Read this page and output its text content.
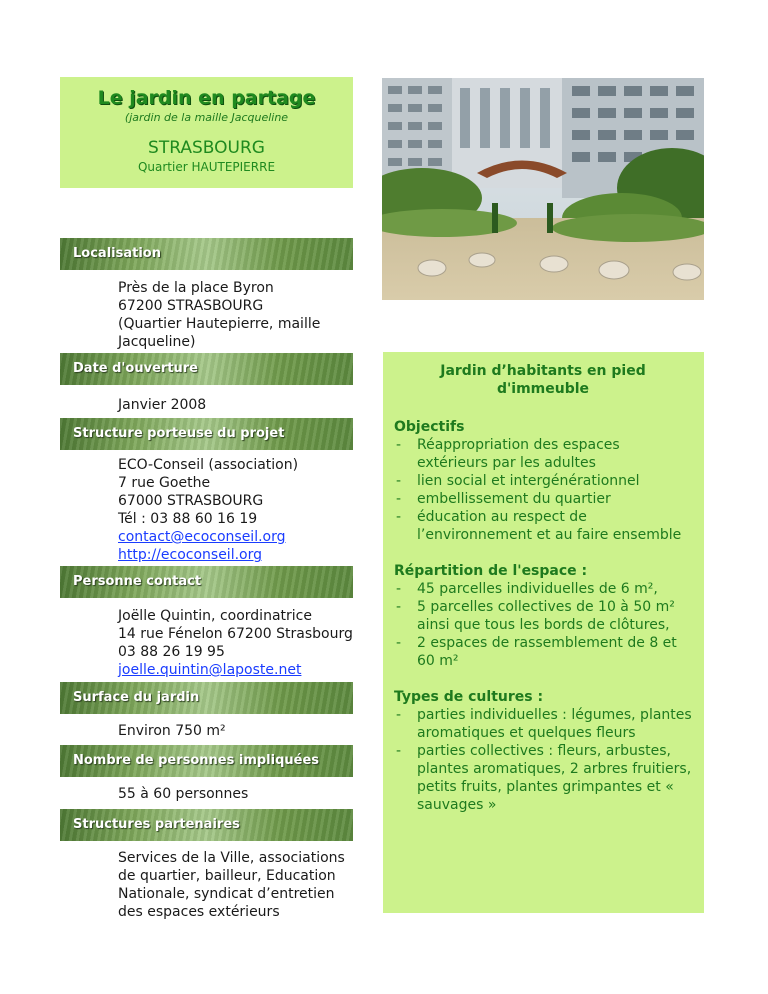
Le jardin en partage
(jardin de la maille Jacqueline
STRASBOURG
Quartier HAUTEPIERRE
Localisation
Près de la place Byron
67200 STRASBOURG
(Quartier Hautepierre, maille
Jacqueline)
Date d'ouverture
Janvier 2008
Structure porteuse du projet
ECO-Conseil (association)
7 rue Goethe
67000 STRASBOURG
Tél : 03 88 60 16 19
contact@ecoconseil.org
http://ecoconseil.org
Personne contact
Joëlle Quintin, coordinatrice
14 rue Fénelon 67200 Strasbourg
03 88 26 19 95
joelle.quintin@laposte.net
Surface du jardin
Environ 750 m²
Nombre de personnes impliquées
55 à 60 personnes
Structures partenaires
Services de la Ville, associations de quartier, bailleur, Education Nationale, syndicat d’entretien des espaces extérieurs
Jardin d’habitants en pied d'immeuble
Objectifs
- Réappropriation des espaces extérieurs par les adultes
- lien social et intergénérationnel
- embellissement du quartier
- éducation au respect de l’environnement et au faire ensemble
Répartition de l'espace :
- 45 parcelles individuelles de 6 m²,
- 5 parcelles collectives de 10 à 50 m² ainsi que tous les bords de clôtures,
- 2 espaces de rassemblement de 8 et 60 m²
Types de cultures :
- parties individuelles : légumes, plantes aromatiques et quelques fleurs
- parties collectives : fleurs, arbustes, plantes aromatiques, 2 arbres fruitiers, petits fruits, plantes grimpantes et « sauvages »
